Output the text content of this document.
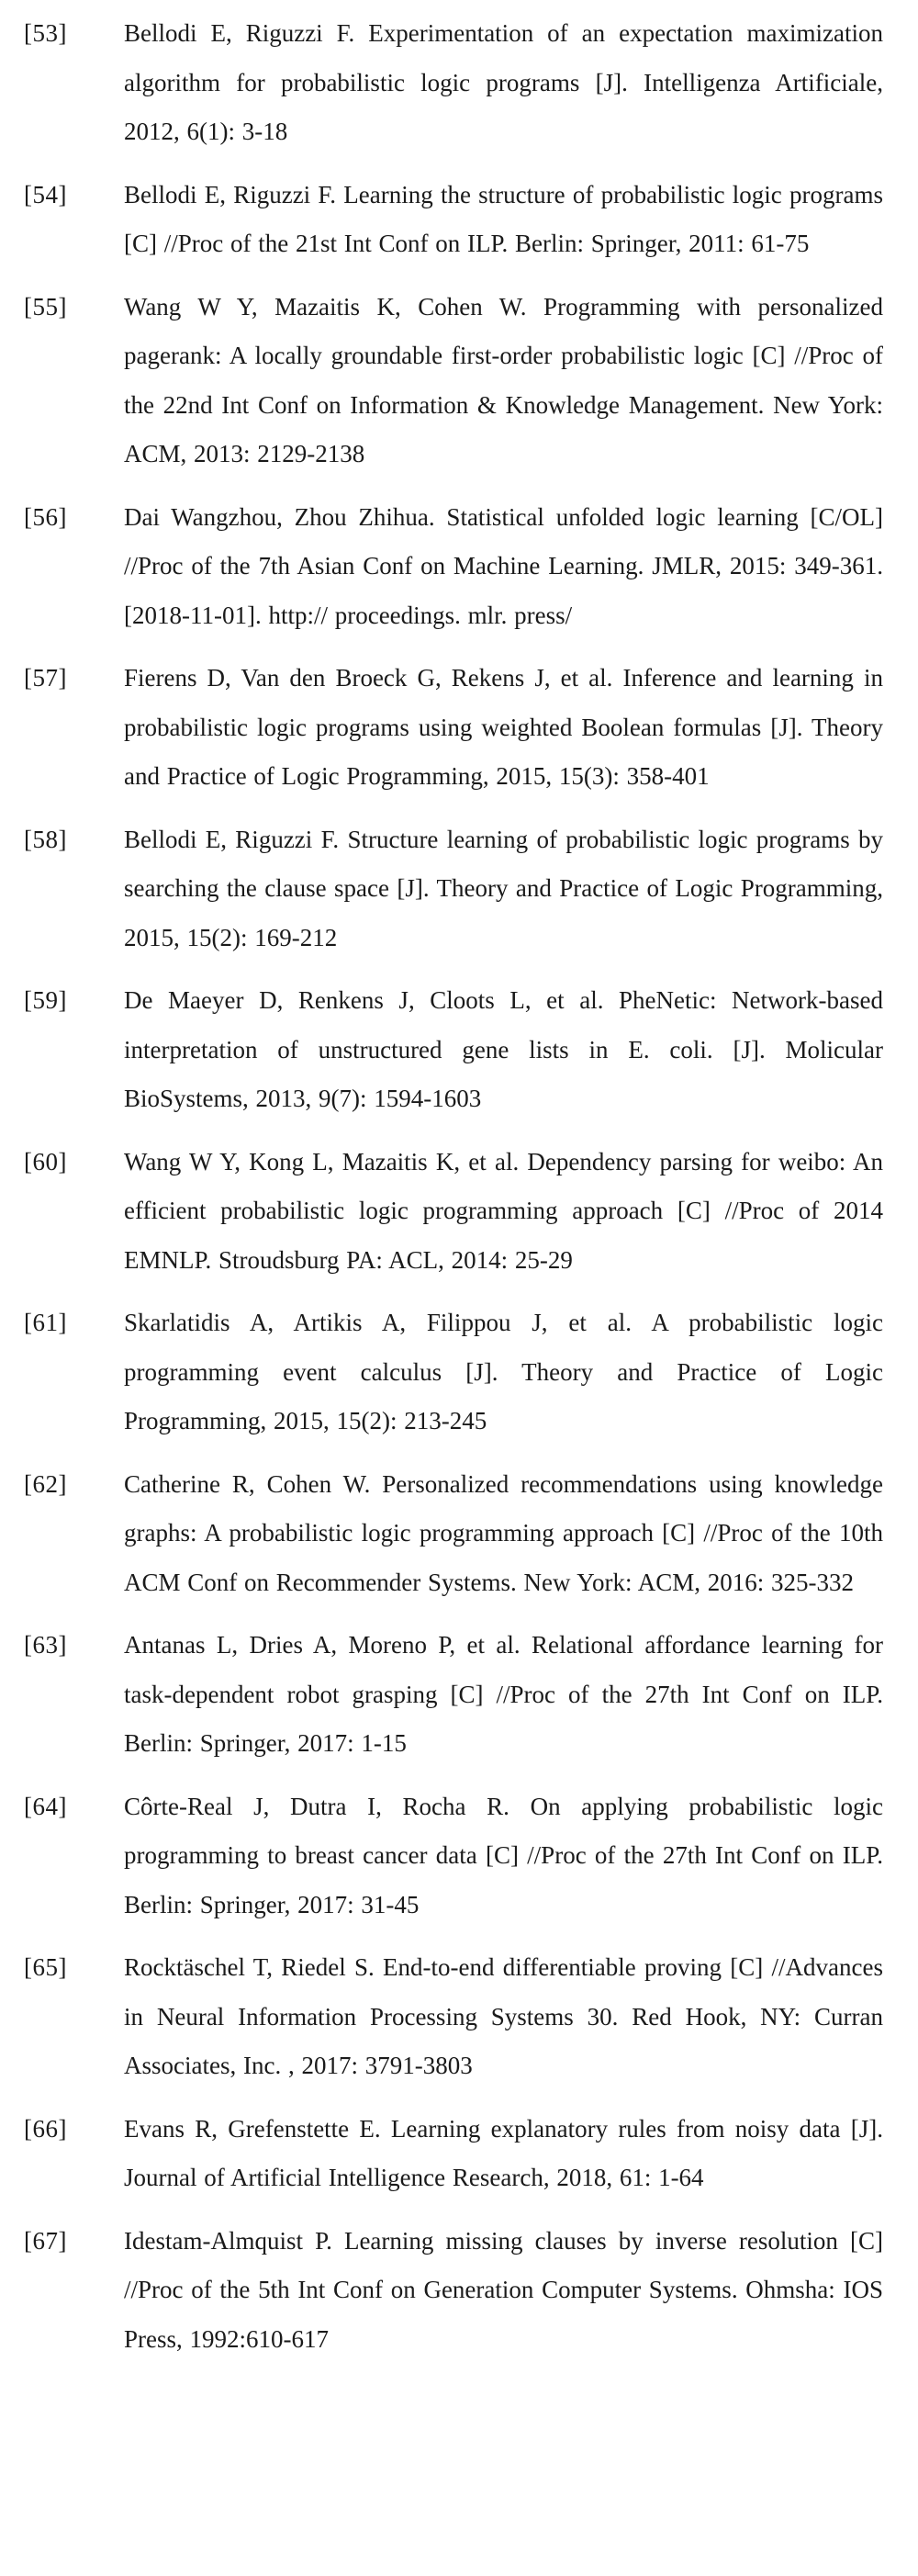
[53] Bellodi E, Riguzzi F. Experimentation of an expectation maximization algorithm for probabilistic logic programs [J]. Intelligenza Artificiale, 2012, 6(1): 3-18
[54] Bellodi E, Riguzzi F. Learning the structure of probabilistic logic programs [C] //Proc of the 21st Int Conf on ILP. Berlin: Springer, 2011: 61-75
[55] Wang W Y, Mazaitis K, Cohen W. Programming with personalized pagerank: A locally groundable first-order probabilistic logic [C] //Proc of the 22nd Int Conf on Information & Knowledge Management. New York: ACM, 2013: 2129-2138
[56] Dai Wangzhou, Zhou Zhihua. Statistical unfolded logic learning [C/OL] //Proc of the 7th Asian Conf on Machine Learning. JMLR, 2015: 349-361. [2018-11-01]. http:// proceedings. mlr. press/
[57] Fierens D, Van den Broeck G, Rekens J, et al. Inference and learning in probabilistic logic programs using weighted Boolean formulas [J]. Theory and Practice of Logic Programming, 2015, 15(3): 358-401
[58] Bellodi E, Riguzzi F. Structure learning of probabilistic logic programs by searching the clause space [J]. Theory and Practice of Logic Programming, 2015, 15(2): 169-212
[59] De Maeyer D, Renkens J, Cloots L, et al. PheNetic: Network-based interpretation of unstructured gene lists in E. coli. [J]. Molicular BioSystems, 2013, 9(7): 1594-1603
[60] Wang W Y, Kong L, Mazaitis K, et al. Dependency parsing for weibo: An efficient probabilistic logic programming approach [C] //Proc of 2014 EMNLP. Stroudsburg PA: ACL, 2014: 25-29
[61] Skarlatidis A, Artikis A, Filippou J, et al. A probabilistic logic programming event calculus [J]. Theory and Practice of Logic Programming, 2015, 15(2): 213-245
[62] Catherine R, Cohen W. Personalized recommendations using knowledge graphs: A probabilistic logic programming approach [C] //Proc of the 10th ACM Conf on Recommender Systems. New York: ACM, 2016: 325-332
[63] Antanas L, Dries A, Moreno P, et al. Relational affordance learning for task-dependent robot grasping [C] //Proc of the 27th Int Conf on ILP. Berlin: Springer, 2017: 1-15
[64] Côrte-Real J, Dutra I, Rocha R. On applying probabilistic logic programming to breast cancer data [C] //Proc of the 27th Int Conf on ILP. Berlin: Springer, 2017: 31-45
[65] Rocktäschel T, Riedel S. End-to-end differentiable proving [C] //Advances in Neural Information Processing Systems 30. Red Hook, NY: Curran Associates, Inc. , 2017: 3791-3803
[66] Evans R, Grefenstette E. Learning explanatory rules from noisy data [J]. Journal of Artificial Intelligence Research, 2018, 61: 1-64
[67] Idestam-Almquist P. Learning missing clauses by inverse resolution [C] //Proc of the 5th Int Conf on Generation Computer Systems. Ohmsha: IOS Press, 1992:610-617
